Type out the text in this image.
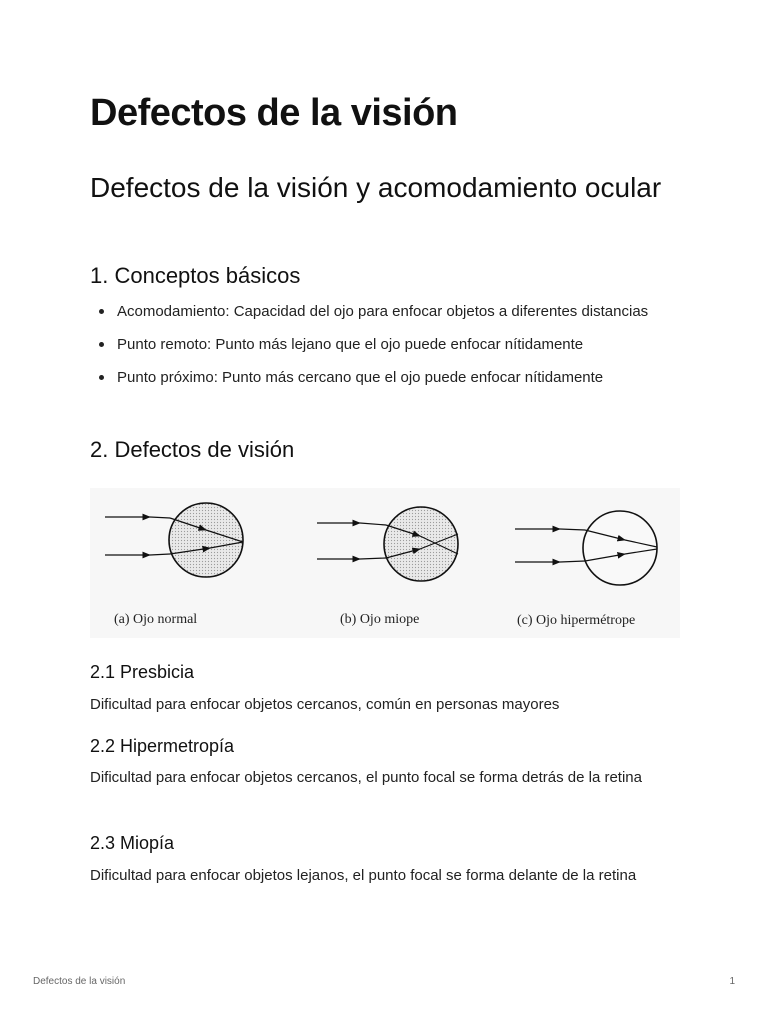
Defectos de la visión
Defectos de la visión y acomodamiento ocular
1. Conceptos básicos
Acomodamiento: Capacidad del ojo para enfocar objetos a diferentes distancias
Punto remoto: Punto más lejano que el ojo puede enfocar nítidamente
Punto próximo: Punto más cercano que el ojo puede enfocar nítidamente
2. Defectos de visión
(a) Ojo normal	(b) Ojo miope	(c) Ojo hipermétrope
2.1 Presbicia

Dificultad para enfocar objetos cercanos, común en personas mayores

2.2 Hipermetropía

Dificultad para enfocar objetos cercanos, el punto focal se forma detrás de la retina

2.3 Miopía

Dificultad para enfocar objetos lejanos, el punto focal se forma delante de la retina

Defectos de la visión	1
